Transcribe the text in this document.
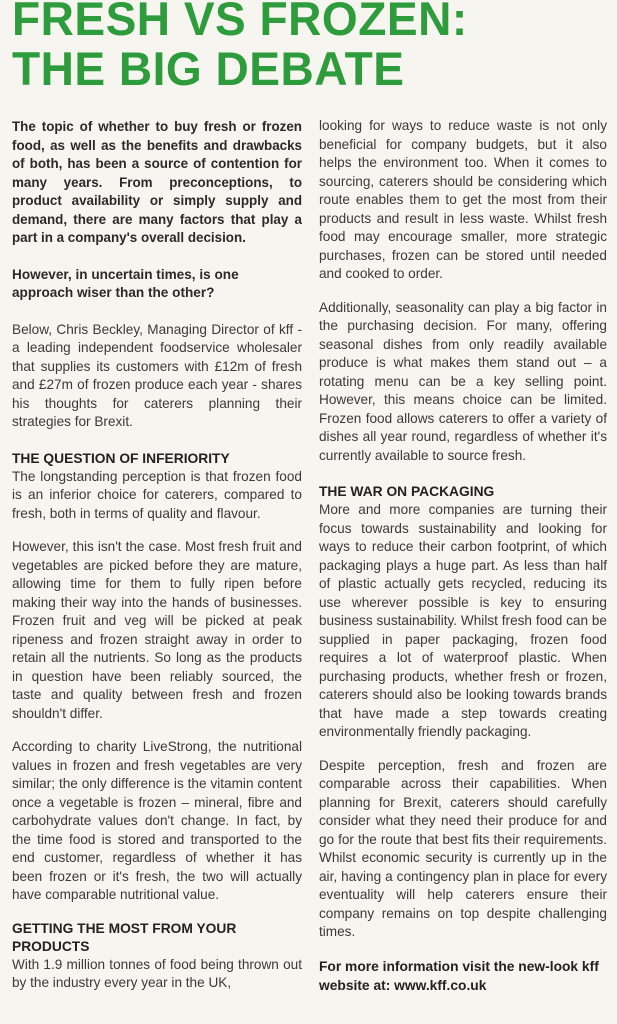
FRESH VS FROZEN:
THE BIG DEBATE

The topic of whether to buy fresh or frozen food, as well as the benefits and drawbacks of both, has been a source of contention for many years. From preconceptions, to product availability or simply supply and demand, there are many factors that play a part in a company's overall decision.

However, in uncertain times, is one approach wiser than the other?

Below, Chris Beckley, Managing Director of kff - a leading independent foodservice wholesaler that supplies its customers with £12m of fresh and £27m of frozen produce each year - shares his thoughts for caterers planning their strategies for Brexit.

THE QUESTION OF INFERIORITY

The longstanding perception is that frozen food is an inferior choice for caterers, compared to fresh, both in terms of quality and flavour.

However, this isn't the case. Most fresh fruit and vegetables are picked before they are mature, allowing time for them to fully ripen before making their way into the hands of businesses. Frozen fruit and veg will be picked at peak ripeness and frozen straight away in order to retain all the nutrients. So long as the products in question have been reliably sourced, the taste and quality between fresh and frozen shouldn't differ.

According to charity LiveStrong, the nutritional values in frozen and fresh vegetables are very similar; the only difference is the vitamin content once a vegetable is frozen – mineral, fibre and carbohydrate values don't change. In fact, by the time food is stored and transported to the end customer, regardless of whether it has been frozen or it's fresh, the two will actually have comparable nutritional value.

GETTING THE MOST FROM YOUR PRODUCTS

With 1.9 million tonnes of food being thrown out by the industry every year in the UK,

looking for ways to reduce waste is not only beneficial for company budgets, but it also helps the environment too. When it comes to sourcing, caterers should be considering which route enables them to get the most from their products and result in less waste. Whilst fresh food may encourage smaller, more strategic purchases, frozen can be stored until needed and cooked to order.

Additionally, seasonality can play a big factor in the purchasing decision. For many, offering seasonal dishes from only readily available produce is what makes them stand out – a rotating menu can be a key selling point. However, this means choice can be limited. Frozen food allows caterers to offer a variety of dishes all year round, regardless of whether it's currently available to source fresh.

THE WAR ON PACKAGING

More and more companies are turning their focus towards sustainability and looking for ways to reduce their carbon footprint, of which packaging plays a huge part. As less than half of plastic actually gets recycled, reducing its use wherever possible is key to ensuring business sustainability. Whilst fresh food can be supplied in paper packaging, frozen food requires a lot of waterproof plastic. When purchasing products, whether fresh or frozen, caterers should also be looking towards brands that have made a step towards creating environmentally friendly packaging.

Despite perception, fresh and frozen are comparable across their capabilities. When planning for Brexit, caterers should carefully consider what they need their produce for and go for the route that best fits their requirements. Whilst economic security is currently up in the air, having a contingency plan in place for every eventuality will help caterers ensure their company remains on top despite challenging times.

For more information visit the new-look kff website at: www.kff.co.uk
